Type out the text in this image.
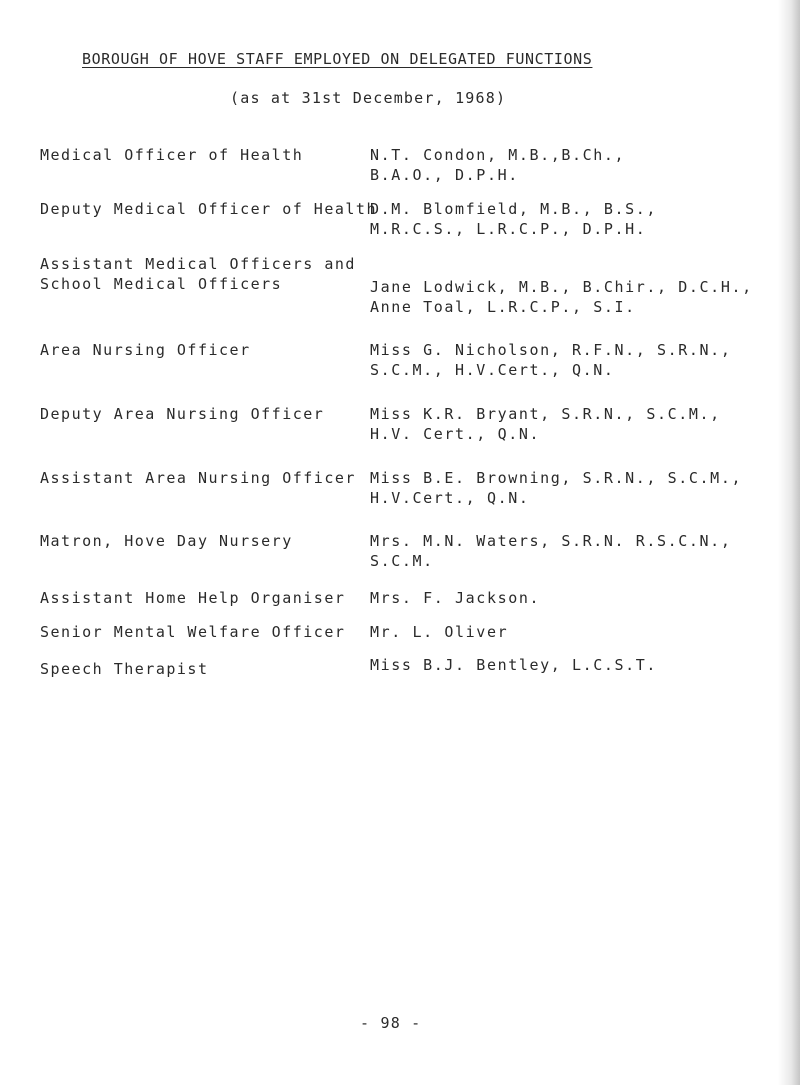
BOROUGH OF HOVE STAFF EMPLOYED ON DELEGATED FUNCTIONS
(as at 31st December, 1968)
Medical Officer of Health	N.T. Condon, M.B.,B.Ch.,
B.A.O., D.P.H.
Deputy Medical Officer of Health
D.M. Blomfield, M.B., B.S.,
M.R.C.S., L.R.C.P., D.P.H.
Assistant Medical Officers and
School Medical Officers	Jane Lodwick, M.B., B.Chir., D.C.H.,
Anne Toal, L.R.C.P., S.I.
Area Nursing Officer	Miss G. Nicholson, R.F.N., S.R.N.,
S.C.M., H.V.Cert., Q.N.
Deputy Area Nursing Officer	Miss K.R. Bryant, S.R.N., S.C.M.,
H.V. Cert., Q.N.
Assistant Area Nursing Officer Miss B.E. Browning, S.R.N., S.C.M.,
H.V.Cert., Q.N.
Matron, Hove Day Nursery	Mrs. M.N. Waters, S.R.N. R.S.C.N.,
S.C.M.
Assistant Home Help Organiser Mrs. F. Jackson.
Senior Mental Welfare Officer Mr. L. Oliver
Speech Therapist	Miss B.J. Bentley, L.C.S.T.
- 98 -
